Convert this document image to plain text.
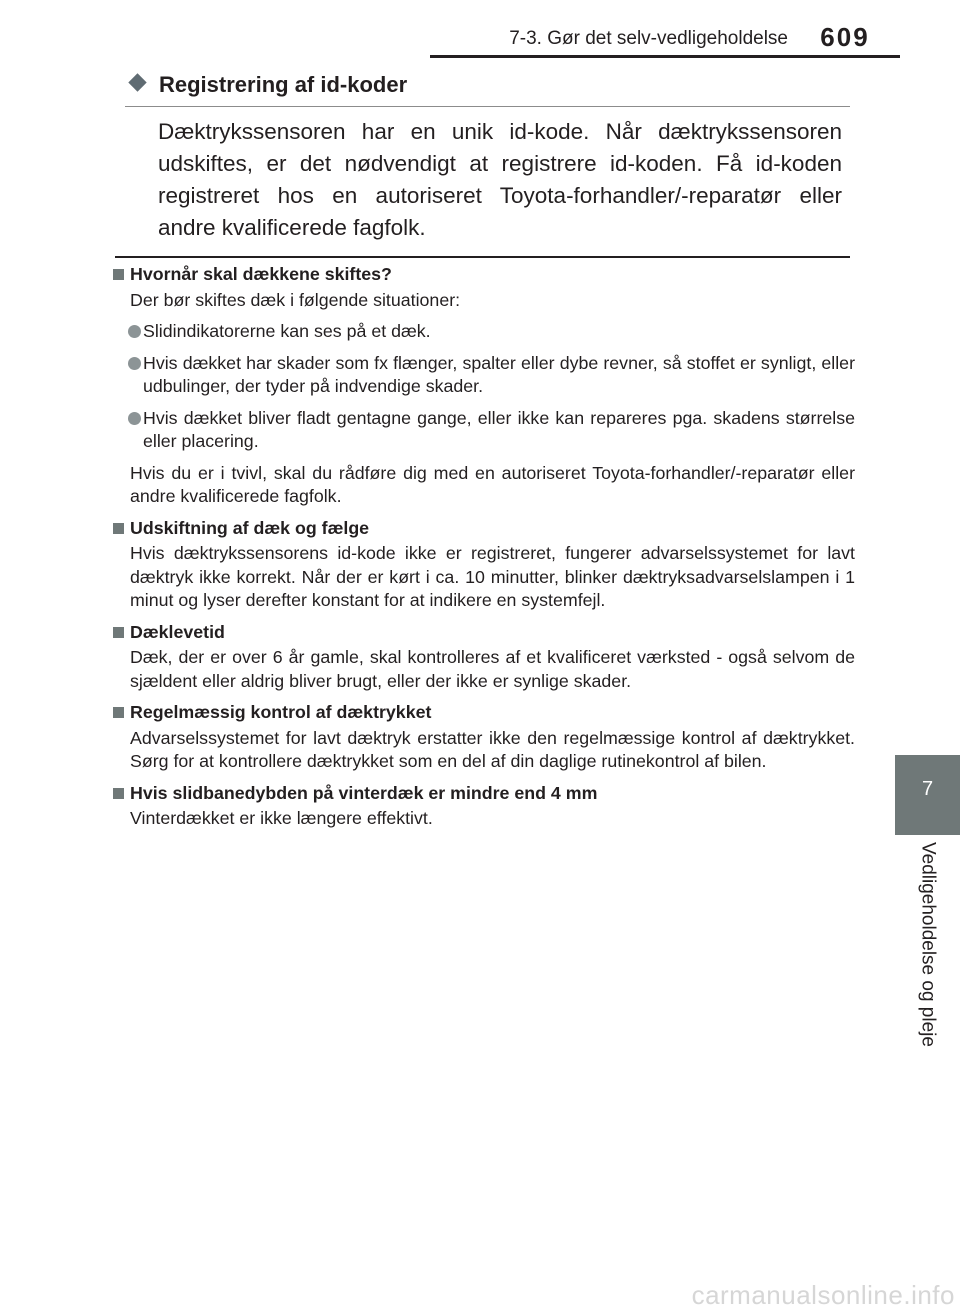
7-3. Gør det selv-vedligeholdelse	609
7
Vedligeholdelse og pleje
Registrering af id-koder
Dæktrykssensoren har en unik id-kode. Når dæktrykssensoren udskiftes, er det nødvendigt at registrere id-koden. Få id-koden registreret hos en autoriseret Toyota-forhandler/-reparatør eller andre kvalificerede fagfolk.
Hvornår skal dækkene skiftes?
Der bør skiftes dæk i følgende situationer:
Slidindikatorerne kan ses på et dæk.
Hvis dækket har skader som fx flænger, spalter eller dybe revner, så stoffet er synligt, eller udbulinger, der tyder på indvendige skader.
Hvis dækket bliver fladt gentagne gange, eller ikke kan repareres pga. skadens størrelse eller placering.
Hvis du er i tvivl, skal du rådføre dig med en autoriseret Toyota-forhandler/-reparatør eller andre kvalificerede fagfolk.
Udskiftning af dæk og fælge
Hvis dæktrykssensorens id-kode ikke er registreret, fungerer advarselssystemet for lavt dæktryk ikke korrekt. Når der er kørt i ca. 10 minutter, blinker dæktryksadvarselslampen i 1 minut og lyser derefter konstant for at indikere en systemfejl.
Dæklevetid
Dæk, der er over 6 år gamle, skal kontrolleres af et kvalificeret værksted - også selvom de sjældent eller aldrig bliver brugt, eller der ikke er synlige skader.
Regelmæssig kontrol af dæktrykket
Advarselssystemet for lavt dæktryk erstatter ikke den regelmæssige kontrol af dæktrykket. Sørg for at kontrollere dæktrykket som en del af din daglige rutinekontrol af bilen.
Hvis slidbanedybden på vinterdæk er mindre end 4 mm
Vinterdækket er ikke længere effektivt.
carmanualsonline.info
